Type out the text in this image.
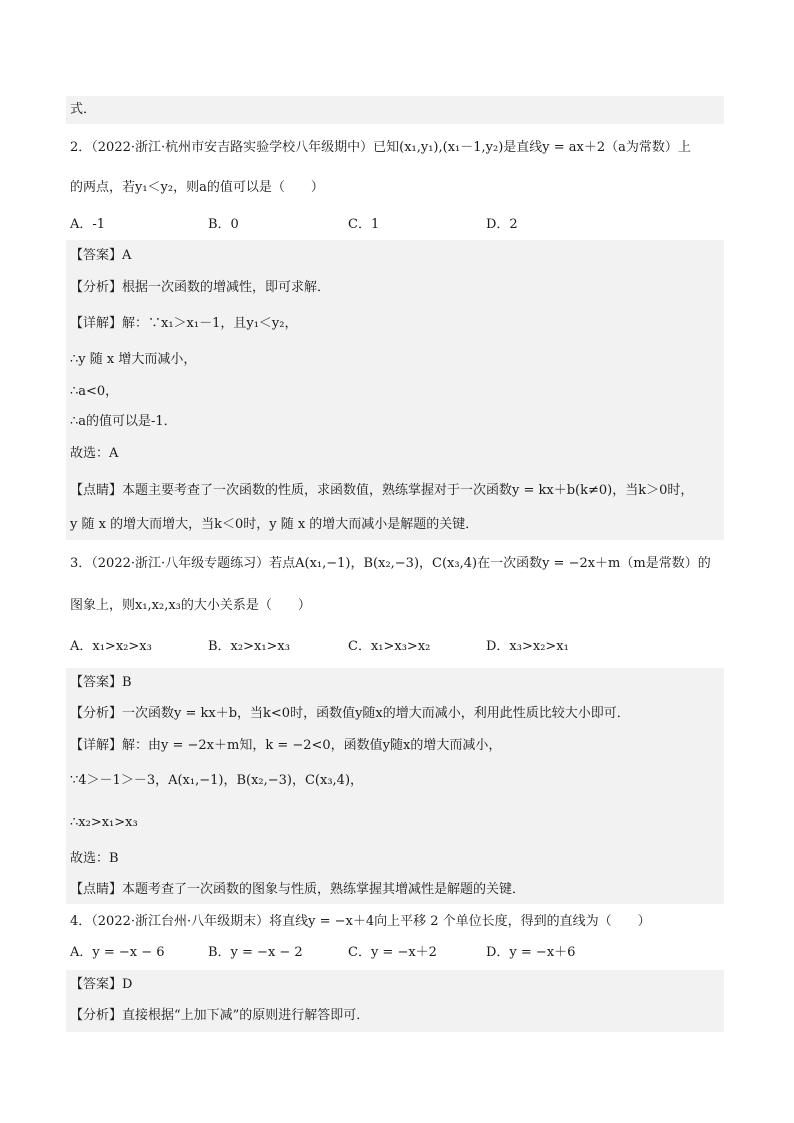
式．
2．（2022·浙江·杭州市安吉路实验学校八年级期中）已知(x₁,y₁),(x₁－1,y₂)是直线y = ax＋2（a为常数）上
的两点，若y₁＜y₂，则a的值可以是（　　）
A．-1	B．0	C．1	D．2
【答案】A
【分析】根据一次函数的增减性，即可求解．
【详解】解：∵x₁＞x₁－1，且y₁＜y₂，
∴y 随 x 增大而减小，
∴a<0，
∴a的值可以是-1．
故选：A
【点睛】本题主要考查了一次函数的性质，求函数值，熟练掌握对于一次函数y = kx＋b(k≠0)，当k＞0时，
y 随 x 的增大而增大，当k＜0时，y 随 x 的增大而减小是解题的关键．
3．（2022·浙江·八年级专题练习）若点A(x₁,−1)，B(x₂,−3)，C(x₃,4)在一次函数y = −2x＋m（m是常数）的
图象上，则x₁,x₂,x₃的大小关系是（　　）
A．x₁>x₂>x₃	B．x₂>x₁>x₃	C．x₁>x₃>x₂	D．x₃>x₂>x₁
【答案】B
【分析】一次函数y = kx＋b，当k<0时，函数值y随x的增大而减小，利用此性质比较大小即可．
【详解】解：由y = −2x＋m知，k = −2<0，函数值y随x的增大而减小，
∵4＞－1＞－3，A(x₁,−1)，B(x₂,−3)，C(x₃,4)，
∴x₂>x₁>x₃
故选：B
【点睛】本题考查了一次函数的图象与性质，熟练掌握其增减性是解题的关键．
4．（2022·浙江台州·八年级期末）将直线y = −x＋4向上平移 2 个单位长度，得到的直线为（　　）
A．y = −x − 6	B．y = −x − 2	C．y = −x＋2	D．y = −x＋6
【答案】D
【分析】直接根据“上加下减”的原则进行解答即可．
